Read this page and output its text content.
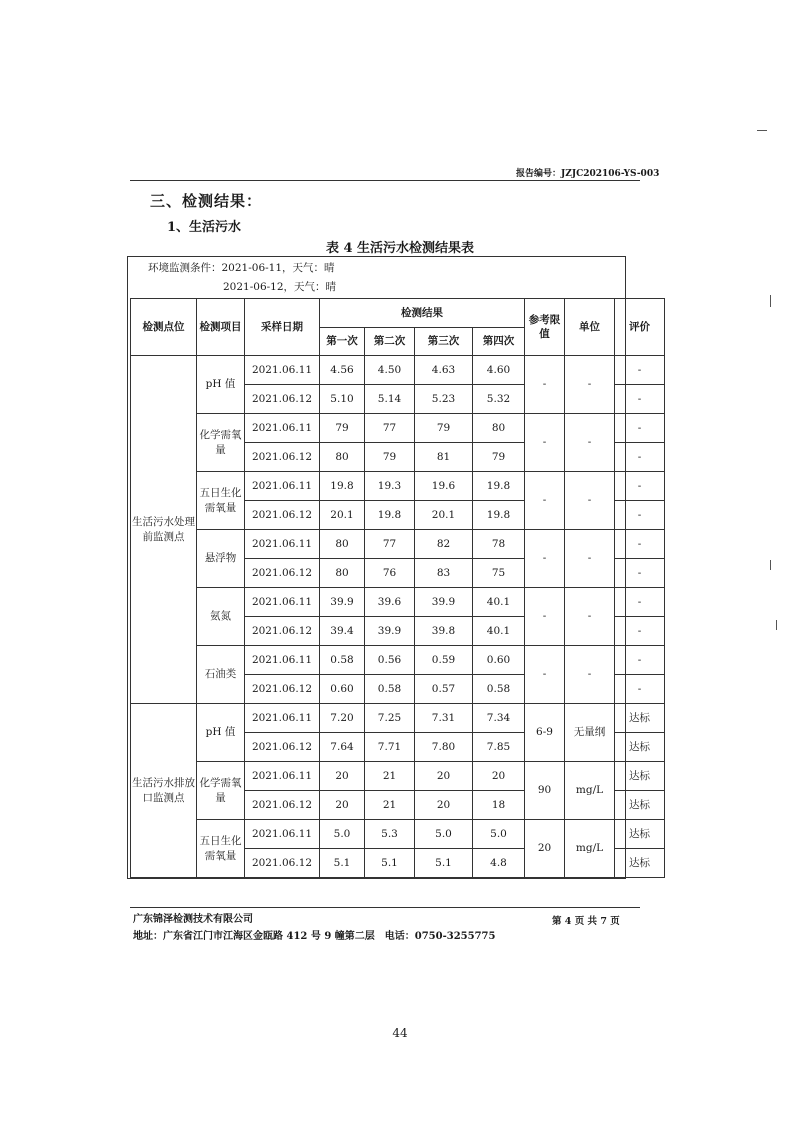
报告编号：JZJC202106-YS-003
三、检测结果：
1、生活污水
表 4 生活污水检测结果表
环境监测条件：2021-06-11，天气：晴
2021-06-12，天气：晴
检测点位	检测项目	采样日期	检测结果				参考限值	单位	评价
			第一次	第二次	第三次	第四次			
生活污水处理前监测点	pH 值	2021.06.11	4.56	4.50	4.63	4.60	-	-	-
		2021.06.12	5.10	5.14	5.23	5.32			-
	化学需氧量	2021.06.11	79	77	79	80	-	-	-
		2021.06.12	80	79	81	79			-
	五日生化需氧量	2021.06.11	19.8	19.3	19.6	19.8	-	-	-
		2021.06.12	20.1	19.8	20.1	19.8			-
	悬浮物	2021.06.11	80	77	82	78	-	-	-
		2021.06.12	80	76	83	75			-
	氨氮	2021.06.11	39.9	39.6	39.9	40.1	-	-	-
		2021.06.12	39.4	39.9	39.8	40.1			-
	石油类	2021.06.11	0.58	0.56	0.59	0.60	-	-	-
		2021.06.12	0.60	0.58	0.57	0.58			-
生活污水排放口监测点	pH 值	2021.06.11	7.20	7.25	7.31	7.34	6-9	无量纲	达标
		2021.06.12	7.64	7.71	7.80	7.85			达标
	化学需氧量	2021.06.11	20	21	20	20	90	mg/L	达标
		2021.06.12	20	21	20	18			达标
	五日生化需氧量	2021.06.11	5.0	5.3	5.0	5.0	20	mg/L	达标
		2021.06.12	5.1	5.1	5.1	4.8			达标
广东锦泽检测技术有限公司	第 4 页 共 7 页
地址：广东省江门市江海区金瓯路 412 号 9 幢第二层　电话：0750-3255775
44
